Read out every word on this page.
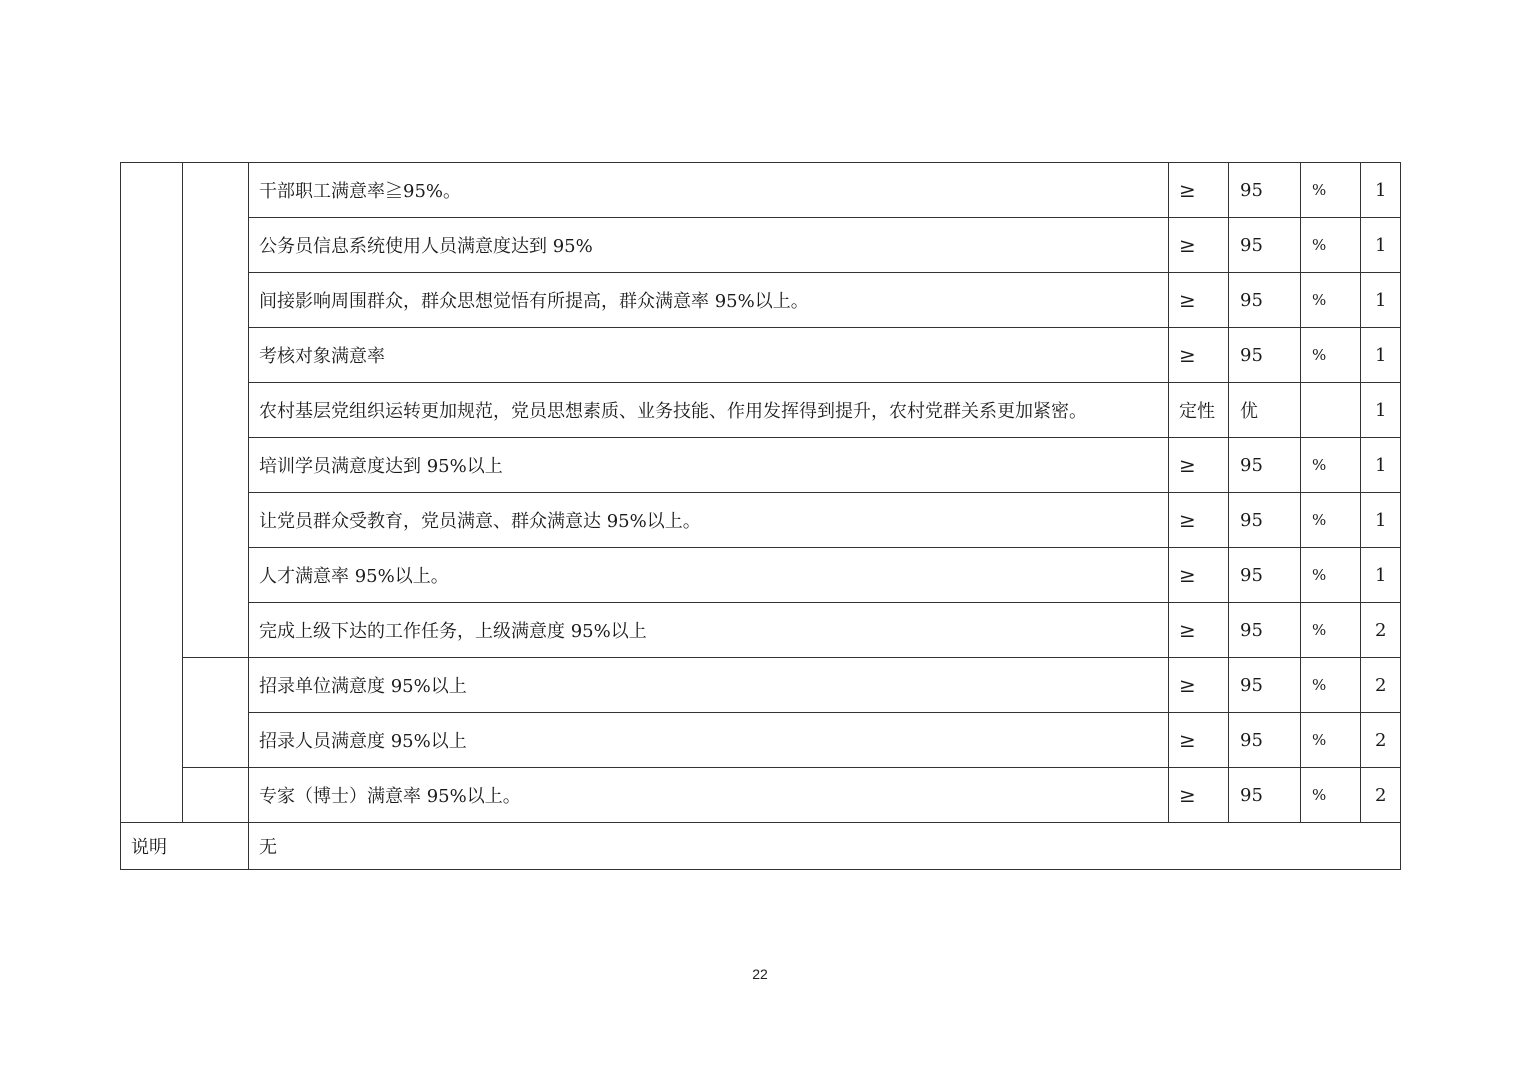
		干部职工满意率≧95%。	≥	95	%	1
		公务员信息系统使用人员满意度达到 95%	≥	95	%	1
		间接影响周围群众，群众思想觉悟有所提高，群众满意率 95%以上。	≥	95	%	1
		考核对象满意率	≥	95	%	1
		农村基层党组织运转更加规范，党员思想素质、业务技能、作用发挥得到提升，农村党群关系更加紧密。	定性	优		1
		培训学员满意度达到 95%以上	≥	95	%	1
		让党员群众受教育，党员满意、群众满意达 95%以上。	≥	95	%	1
		人才满意率 95%以上。	≥	95	%	1
		完成上级下达的工作任务，上级满意度 95%以上	≥	95	%	2
		招录单位满意度 95%以上	≥	95	%	2
		招录人员满意度 95%以上	≥	95	%	2
		专家（博士）满意率 95%以上。	≥	95	%	2
说明		无				
22
